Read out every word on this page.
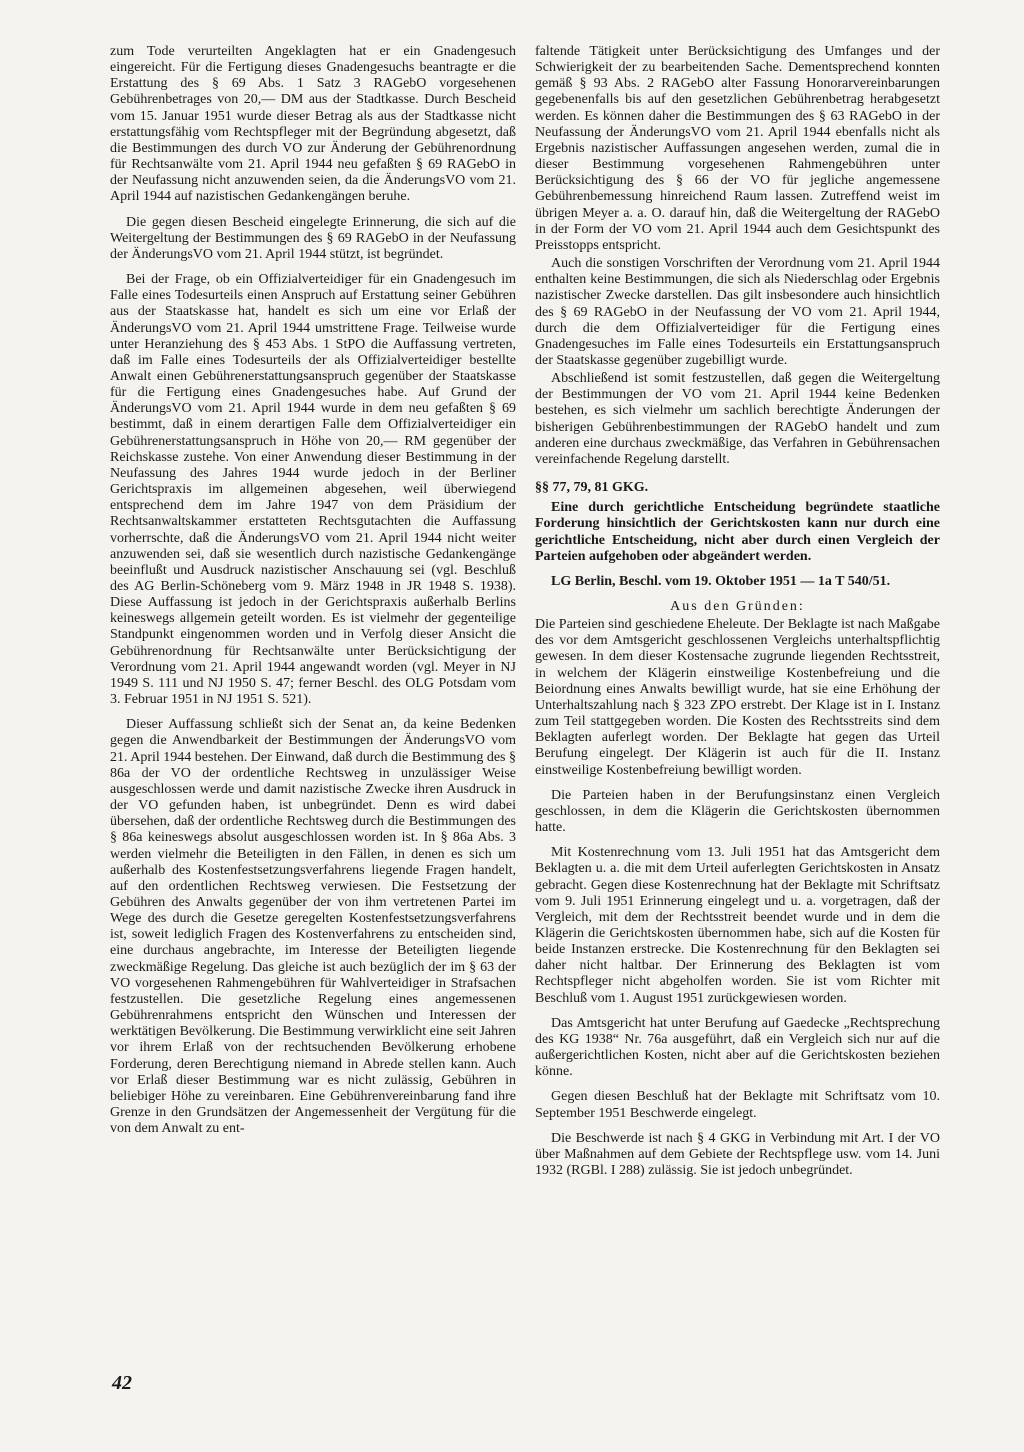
zum Tode verurteilten Angeklagten hat er ein Gnadengesuch eingereicht. Für die Fertigung dieses Gnadengesuchs beantragte er die Erstattung des § 69 Abs. 1 Satz 3 RAGebO vorgesehenen Gebührenbetrages von 20,— DM aus der Stadtkasse. Durch Bescheid vom 15. Januar 1951 wurde dieser Betrag als aus der Stadtkasse nicht erstattungsfähig vom Rechtspfleger mit der Begründung abgesetzt, daß die Bestimmungen des durch VO zur Änderung der Gebührenordnung für Rechtsanwälte vom 21. April 1944 neu gefaßten § 69 RAGebO in der Neufassung nicht anzuwenden seien, da die ÄnderungsVO vom 21. April 1944 auf nazistischen Gedankengängen beruhe.

Die gegen diesen Bescheid eingelegte Erinnerung, die sich auf die Weitergeltung der Bestimmungen des § 69 RAGebO in der Neufassung der ÄnderungsVO vom 21. April 1944 stützt, ist begründet.

Bei der Frage, ob ein Offizialverteidiger für ein Gnadengesuch im Falle eines Todesurteils einen Anspruch auf Erstattung seiner Gebühren aus der Staatskasse hat, handelt es sich um eine vor Erlaß der ÄnderungsVO vom 21. April 1944 umstrittene Frage. Teilweise wurde unter Heranziehung des § 453 Abs. 1 StPO die Auffassung vertreten, daß im Falle eines Todesurteils der als Offizialverteidiger bestellte Anwalt einen Gebührenerstattungsanspruch gegenüber der Staatskasse für die Fertigung eines Gnadengesuches habe. Auf Grund der ÄnderungsVO vom 21. April 1944 wurde in dem neu gefaßten § 69 bestimmt, daß in einem derartigen Falle dem Offizialverteidiger ein Gebührenerstattungsanspruch in Höhe von 20,— RM gegenüber der Reichskasse zustehe. Von einer Anwendung dieser Bestimmung in der Neufassung des Jahres 1944 wurde jedoch in der Berliner Gerichtspraxis im allgemeinen abgesehen, weil überwiegend entsprechend dem im Jahre 1947 von dem Präsidium der Rechtsanwaltskammer erstatteten Rechtsgutachten die Auffassung vorherrschte, daß die ÄnderungsVO vom 21. April 1944 nicht weiter anzuwenden sei, daß sie wesentlich durch nazistische Gedankengänge beeinflußt und Ausdruck nazistischer Anschauung sei (vgl. Beschluß des AG Berlin-Schöneberg vom 9. März 1948 in JR 1948 S. 1938). Diese Auffassung ist jedoch in der Gerichtspraxis außerhalb Berlins keineswegs allgemein geteilt worden. Es ist vielmehr der gegenteilige Standpunkt eingenommen worden und in Verfolg dieser Ansicht die Gebührenordnung für Rechtsanwälte unter Berücksichtigung der Verordnung vom 21. April 1944 angewandt worden (vgl. Meyer in NJ 1949 S. 111 und NJ 1950 S. 47; ferner Beschl. des OLG Potsdam vom 3. Februar 1951 in NJ 1951 S. 521).

Dieser Auffassung schließt sich der Senat an, da keine Bedenken gegen die Anwendbarkeit der Bestimmungen der ÄnderungsVO vom 21. April 1944 bestehen. Der Einwand, daß durch die Bestimmung des § 86a der VO der ordentliche Rechtsweg in unzulässiger Weise ausgeschlossen werde und damit nazistische Zwecke ihren Ausdruck in der VO gefunden haben, ist unbegründet. Denn es wird dabei übersehen, daß der ordentliche Rechtsweg durch die Bestimmungen des § 86a keineswegs absolut ausgeschlossen worden ist. In § 86a Abs. 3 werden vielmehr die Beteiligten in den Fällen, in denen es sich um außerhalb des Kostenfestsetzungsverfahrens liegende Fragen handelt, auf den ordentlichen Rechtsweg verwiesen. Die Festsetzung der Gebühren des Anwalts gegenüber der von ihm vertretenen Partei im Wege des durch die Gesetze geregelten Kostenfestsetzungsverfahrens ist, soweit lediglich Fragen des Kostenverfahrens zu entscheiden sind, eine durchaus angebrachte, im Interesse der Beteiligten liegende zweckmäßige Regelung. Das gleiche ist auch bezüglich der im § 63 der VO vorgesehenen Rahmengebühren für Wahlverteidiger in Strafsachen festzustellen. Die gesetzliche Regelung eines angemessenen Gebührenrahmens entspricht den Wünschen und Interessen der werktätigen Bevölkerung. Die Bestimmung verwirklicht eine seit Jahren vor ihrem Erlaß von der rechtsuchenden Bevölkerung erhobene Forderung, deren Berechtigung niemand in Abrede stellen kann. Auch vor Erlaß dieser Bestimmung war es nicht zulässig, Gebühren in beliebiger Höhe zu vereinbaren. Eine Gebührenvereinbarung fand ihre Grenze in den Grundsätzen der Angemessenheit der Vergütung für die von dem Anwalt zu ent-

faltende Tätigkeit unter Berücksichtigung des Umfanges und der Schwierigkeit der zu bearbeitenden Sache. Dementsprechend konnten gemäß § 93 Abs. 2 RAGebO alter Fassung Honorarvereinbarungen gegebenenfalls bis auf den gesetzlichen Gebührenbetrag herabgesetzt werden. Es können daher die Bestimmungen des § 63 RAGebO in der Neufassung der ÄnderungsVO vom 21. April 1944 ebenfalls nicht als Ergebnis nazistischer Auffassungen angesehen werden, zumal die in dieser Bestimmung vorgesehenen Rahmengebühren unter Berücksichtigung des § 66 der VO für jegliche angemessene Gebührenbemessung hinreichend Raum lassen. Zutreffend weist im übrigen Meyer a. a. O. darauf hin, daß die Weitergeltung der RAGebO in der Form der VO vom 21. April 1944 auch dem Gesichtspunkt des Preisstopps entspricht.

Auch die sonstigen Vorschriften der Verordnung vom 21. April 1944 enthalten keine Bestimmungen, die sich als Niederschlag oder Ergebnis nazistischer Zwecke darstellen. Das gilt insbesondere auch hinsichtlich des § 69 RAGebO in der Neufassung der VO vom 21. April 1944, durch die dem Offizialverteidiger für die Fertigung eines Gnadengesuches im Falle eines Todesurteils ein Erstattungsanspruch der Staatskasse gegenüber zugebilligt wurde.

Abschließend ist somit festzustellen, daß gegen die Weitergeltung der Bestimmungen der VO vom 21. April 1944 keine Bedenken bestehen, es sich vielmehr um sachlich berechtigte Änderungen der bisherigen Gebührenbestimmungen der RAGebO handelt und zum anderen eine durchaus zweckmäßige, das Verfahren in Gebührensachen vereinfachende Regelung darstellt.

§§ 77, 79, 81 GKG.

Eine durch gerichtliche Entscheidung begründete staatliche Forderung hinsichtlich der Gerichtskosten kann nur durch eine gerichtliche Entscheidung, nicht aber durch einen Vergleich der Parteien aufgehoben oder abgeändert werden.

LG Berlin, Beschl. vom 19. Oktober 1951 — 1a T 540/51.

Aus den Gründen:

Die Parteien sind geschiedene Eheleute. Der Beklagte ist nach Maßgabe des vor dem Amtsgericht geschlossenen Vergleichs unterhaltspflichtig gewesen. In dem dieser Kostensache zugrunde liegenden Rechtsstreit, in welchem der Klägerin einstweilige Kostenbefreiung und die Beiordnung eines Anwalts bewilligt wurde, hat sie eine Erhöhung der Unterhaltszahlung nach § 323 ZPO erstrebt. Der Klage ist in I. Instanz zum Teil stattgegeben worden. Die Kosten des Rechtsstreits sind dem Beklagten auferlegt worden. Der Beklagte hat gegen das Urteil Berufung eingelegt. Der Klägerin ist auch für die II. Instanz einstweilige Kostenbefreiung bewilligt worden.

Die Parteien haben in der Berufungsinstanz einen Vergleich geschlossen, in dem die Klägerin die Gerichtskosten übernommen hatte.

Mit Kostenrechnung vom 13. Juli 1951 hat das Amtsgericht dem Beklagten u. a. die mit dem Urteil auferlegten Gerichtskosten in Ansatz gebracht. Gegen diese Kostenrechnung hat der Beklagte mit Schriftsatz vom 9. Juli 1951 Erinnerung eingelegt und u. a. vorgetragen, daß der Vergleich, mit dem der Rechtsstreit beendet wurde und in dem die Klägerin die Gerichtskosten übernommen habe, sich auf die Kosten für beide Instanzen erstrecke. Die Kostenrechnung für den Beklagten sei daher nicht haltbar. Der Erinnerung des Beklagten ist vom Rechtspfleger nicht abgeholfen worden. Sie ist vom Richter mit Beschluß vom 1. August 1951 zurückgewiesen worden.

Das Amtsgericht hat unter Berufung auf Gaedecke „Rechtsprechung des KG 1938“ Nr. 76a ausgeführt, daß ein Vergleich sich nur auf die außergerichtlichen Kosten, nicht aber auf die Gerichtskosten beziehen könne.

Gegen diesen Beschluß hat der Beklagte mit Schriftsatz vom 10. September 1951 Beschwerde eingelegt.

Die Beschwerde ist nach § 4 GKG in Verbindung mit Art. I der VO über Maßnahmen auf dem Gebiete der Rechtspflege usw. vom 14. Juni 1932 (RGBl. I 288) zulässig. Sie ist jedoch unbegründet.

42
